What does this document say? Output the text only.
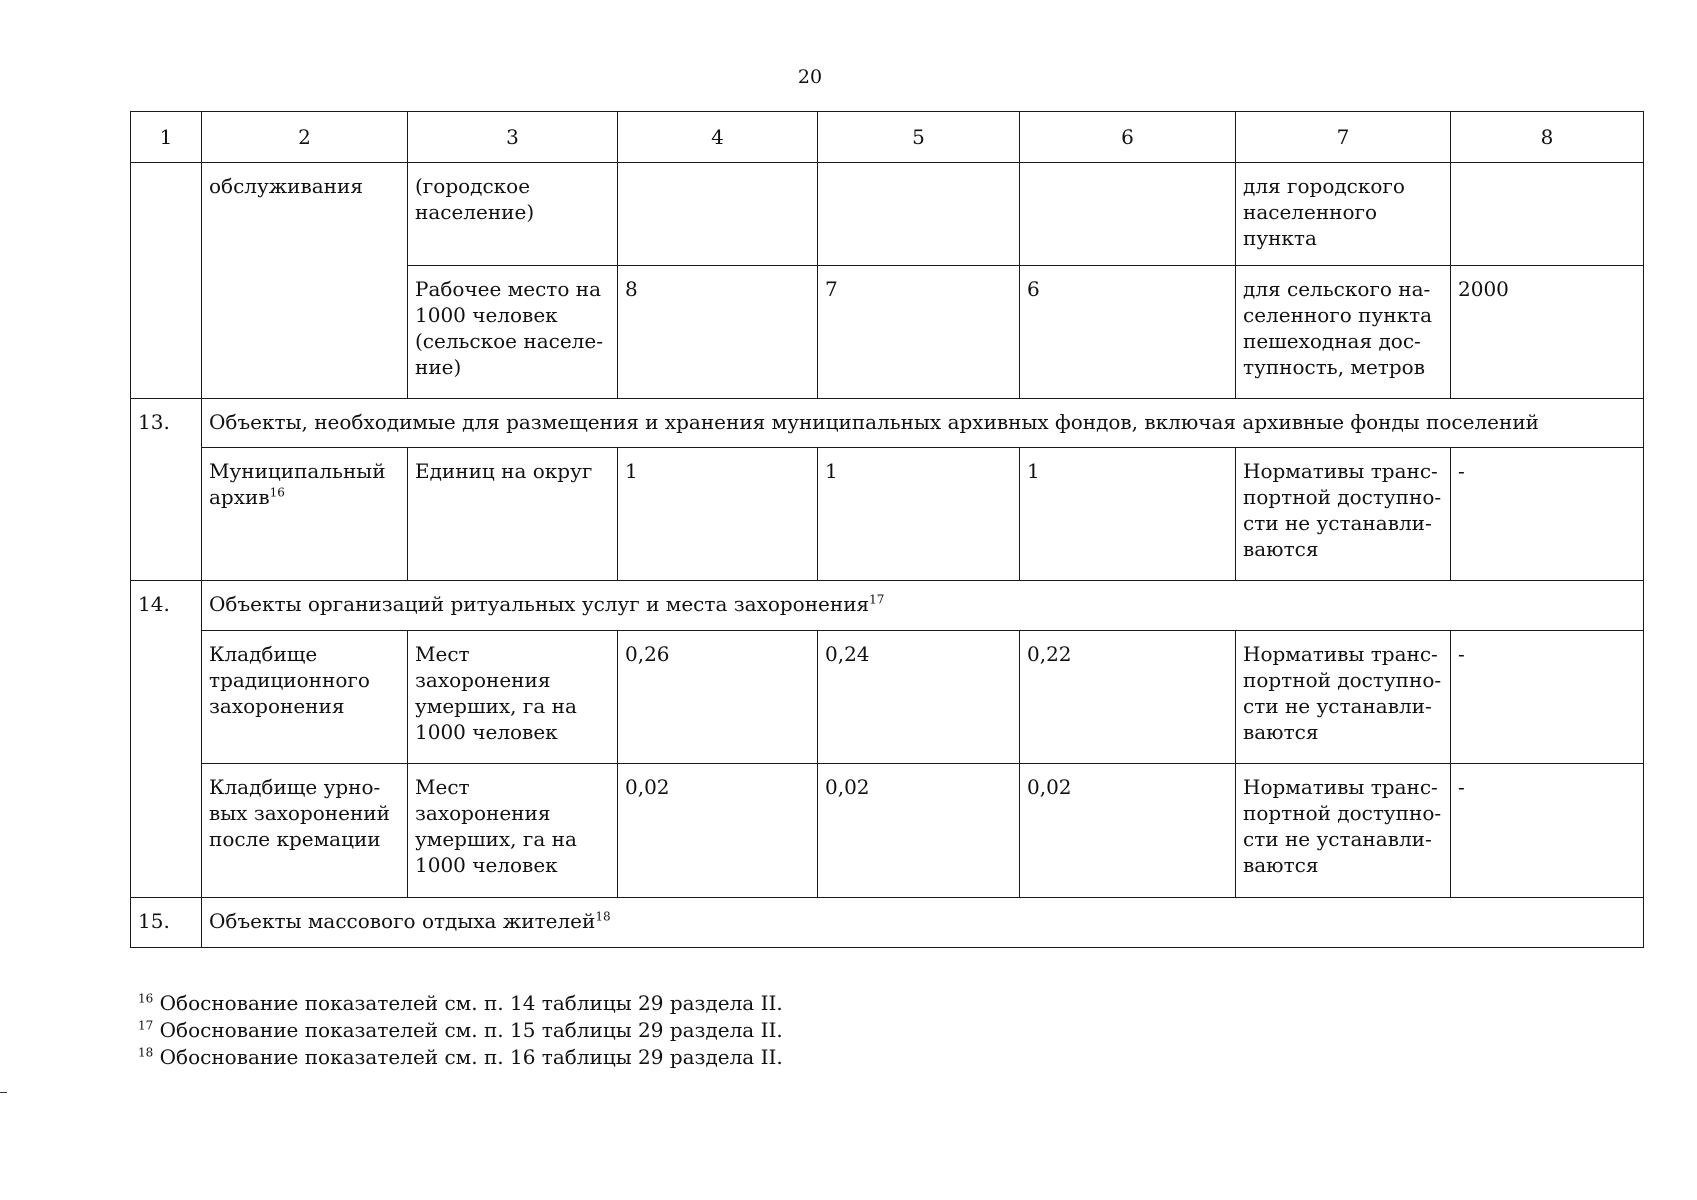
20
1	2	3	4	5	6	7	8
	обслуживания	(городское население)				для городского населенного пункта	
		Рабочее место на 1000 человек (сельское населе-ние)	8	7	6	для сельского на-селенного пункта пешеходная дос-тупность, метров	2000
13.	Объекты, необходимые для размещения и хранения муниципальных архивных фондов, включая архивные фонды поселений						
	Муниципальный архив$^{16}$	Единиц на округ	1	1	1	Нормативы транс-портной доступно-сти не устанавли-ваются	-
14.	Объекты организаций ритуальных услуг и места захоронения$^{17}$
	Кладбище традиционного захоронения	Мест захоронения умерших, га на 1000 человек	0,26	0,24	0,22	Нормативы транс-портной доступно-сти не устанавли-ваются	-
	Кладбище урно-вых захоронений после кремации	Мест захоронения умерших, га на 1000 человек	0,02	0,02	0,02	Нормативы транс-портной доступно-сти не устанавли-ваются	-
15.	Объекты массового отдыха жителей$^{18}$
$^{16}$ Обоснование показателей см. п. 14 таблицы 29 раздела II.
$^{17}$ Обоснование показателей см. п. 15 таблицы 29 раздела II.
$^{18}$ Обоснование показателей см. п. 16 таблицы 29 раздела II.
